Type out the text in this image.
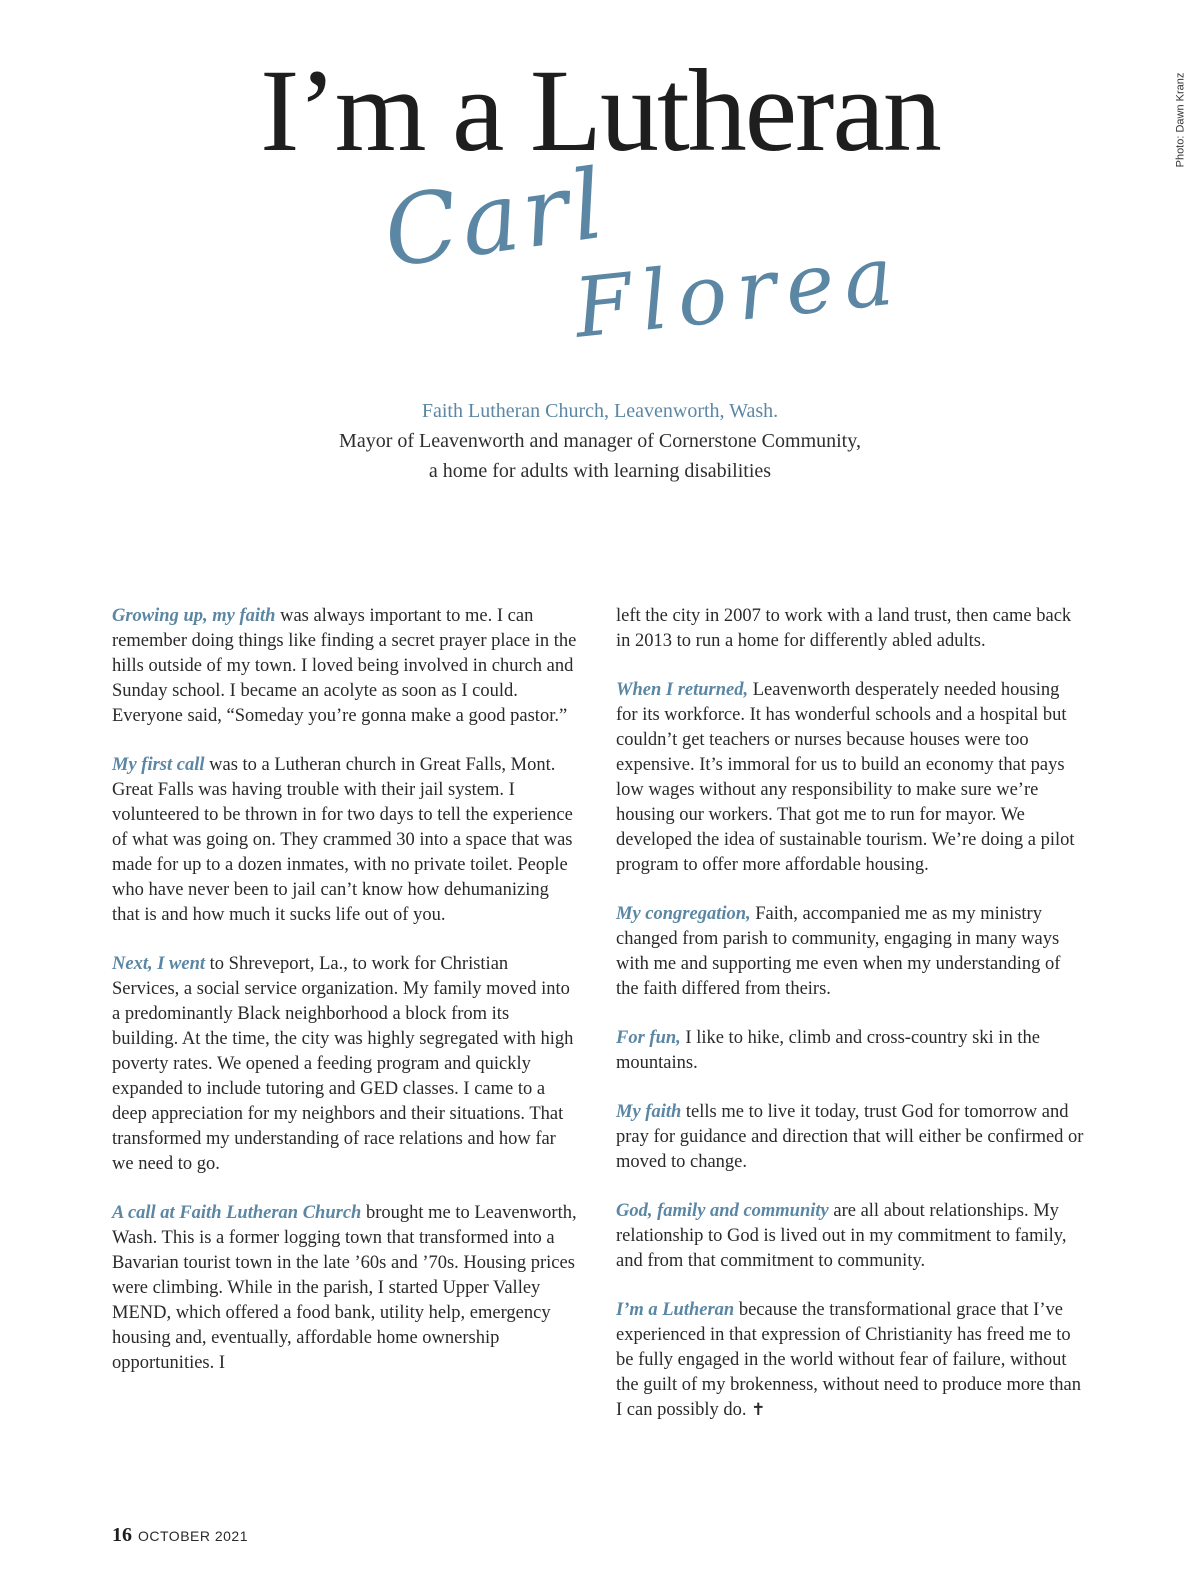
Photo: Dawn Kranz
I’m a Lutheran
Carl
Florea
Faith Lutheran Church, Leavenworth, Wash.
Mayor of Leavenworth and manager of Cornerstone Community,
a home for adults with learning disabilities

Growing up, my faith was always important to me. I can remember doing things like finding a secret prayer place in the hills outside of my town. I loved being involved in church and Sunday school. I became an acolyte as soon as I could. Everyone said, “Someday you’re gonna make a good pastor.”

My first call was to a Lutheran church in Great Falls, Mont. Great Falls was having trouble with their jail system. I volunteered to be thrown in for two days to tell the experience of what was going on. They crammed 30 into a space that was made for up to a dozen inmates, with no private toilet. People who have never been to jail can’t know how dehumanizing that is and how much it sucks life out of you.

Next, I went to Shreveport, La., to work for Christian Services, a social service organization. My family moved into a predominantly Black neighborhood a block from its building. At the time, the city was highly segregated with high poverty rates. We opened a feeding program and quickly expanded to include tutoring and GED classes. I came to a deep appreciation for my neighbors and their situations. That transformed my understanding of race relations and how far we need to go.

A call at Faith Lutheran Church brought me to Leavenworth, Wash. This is a former logging town that transformed into a Bavarian tourist town in the late ’60s and ’70s. Housing prices were climbing. While in the parish, I started Upper Valley MEND, which offered a food bank, utility help, emergency housing and, eventually, affordable home ownership opportunities. I

left the city in 2007 to work with a land trust, then came back in 2013 to run a home for differently abled adults.

When I returned, Leavenworth desperately needed housing for its workforce. It has wonderful schools and a hospital but couldn’t get teachers or nurses because houses were too expensive. It’s immoral for us to build an economy that pays low wages without any responsibility to make sure we’re housing our workers. That got me to run for mayor. We developed the idea of sustainable tourism. We’re doing a pilot program to offer more affordable housing.

My congregation, Faith, accompanied me as my ministry changed from parish to community, engaging in many ways with me and supporting me even when my understanding of the faith differed from theirs.

For fun, I like to hike, climb and cross-country ski in the mountains.

My faith tells me to live it today, trust God for tomorrow and pray for guidance and direction that will either be confirmed or moved to change.

God, family and community are all about relationships. My relationship to God is lived out in my commitment to family, and from that commitment to community.

I’m a Lutheran because the transformational grace that I’ve experienced in that expression of Christianity has freed me to be fully engaged in the world without fear of failure, without the guilt of my brokenness, without need to produce more than I can possibly do. ✝

16 OCTOBER 2021
